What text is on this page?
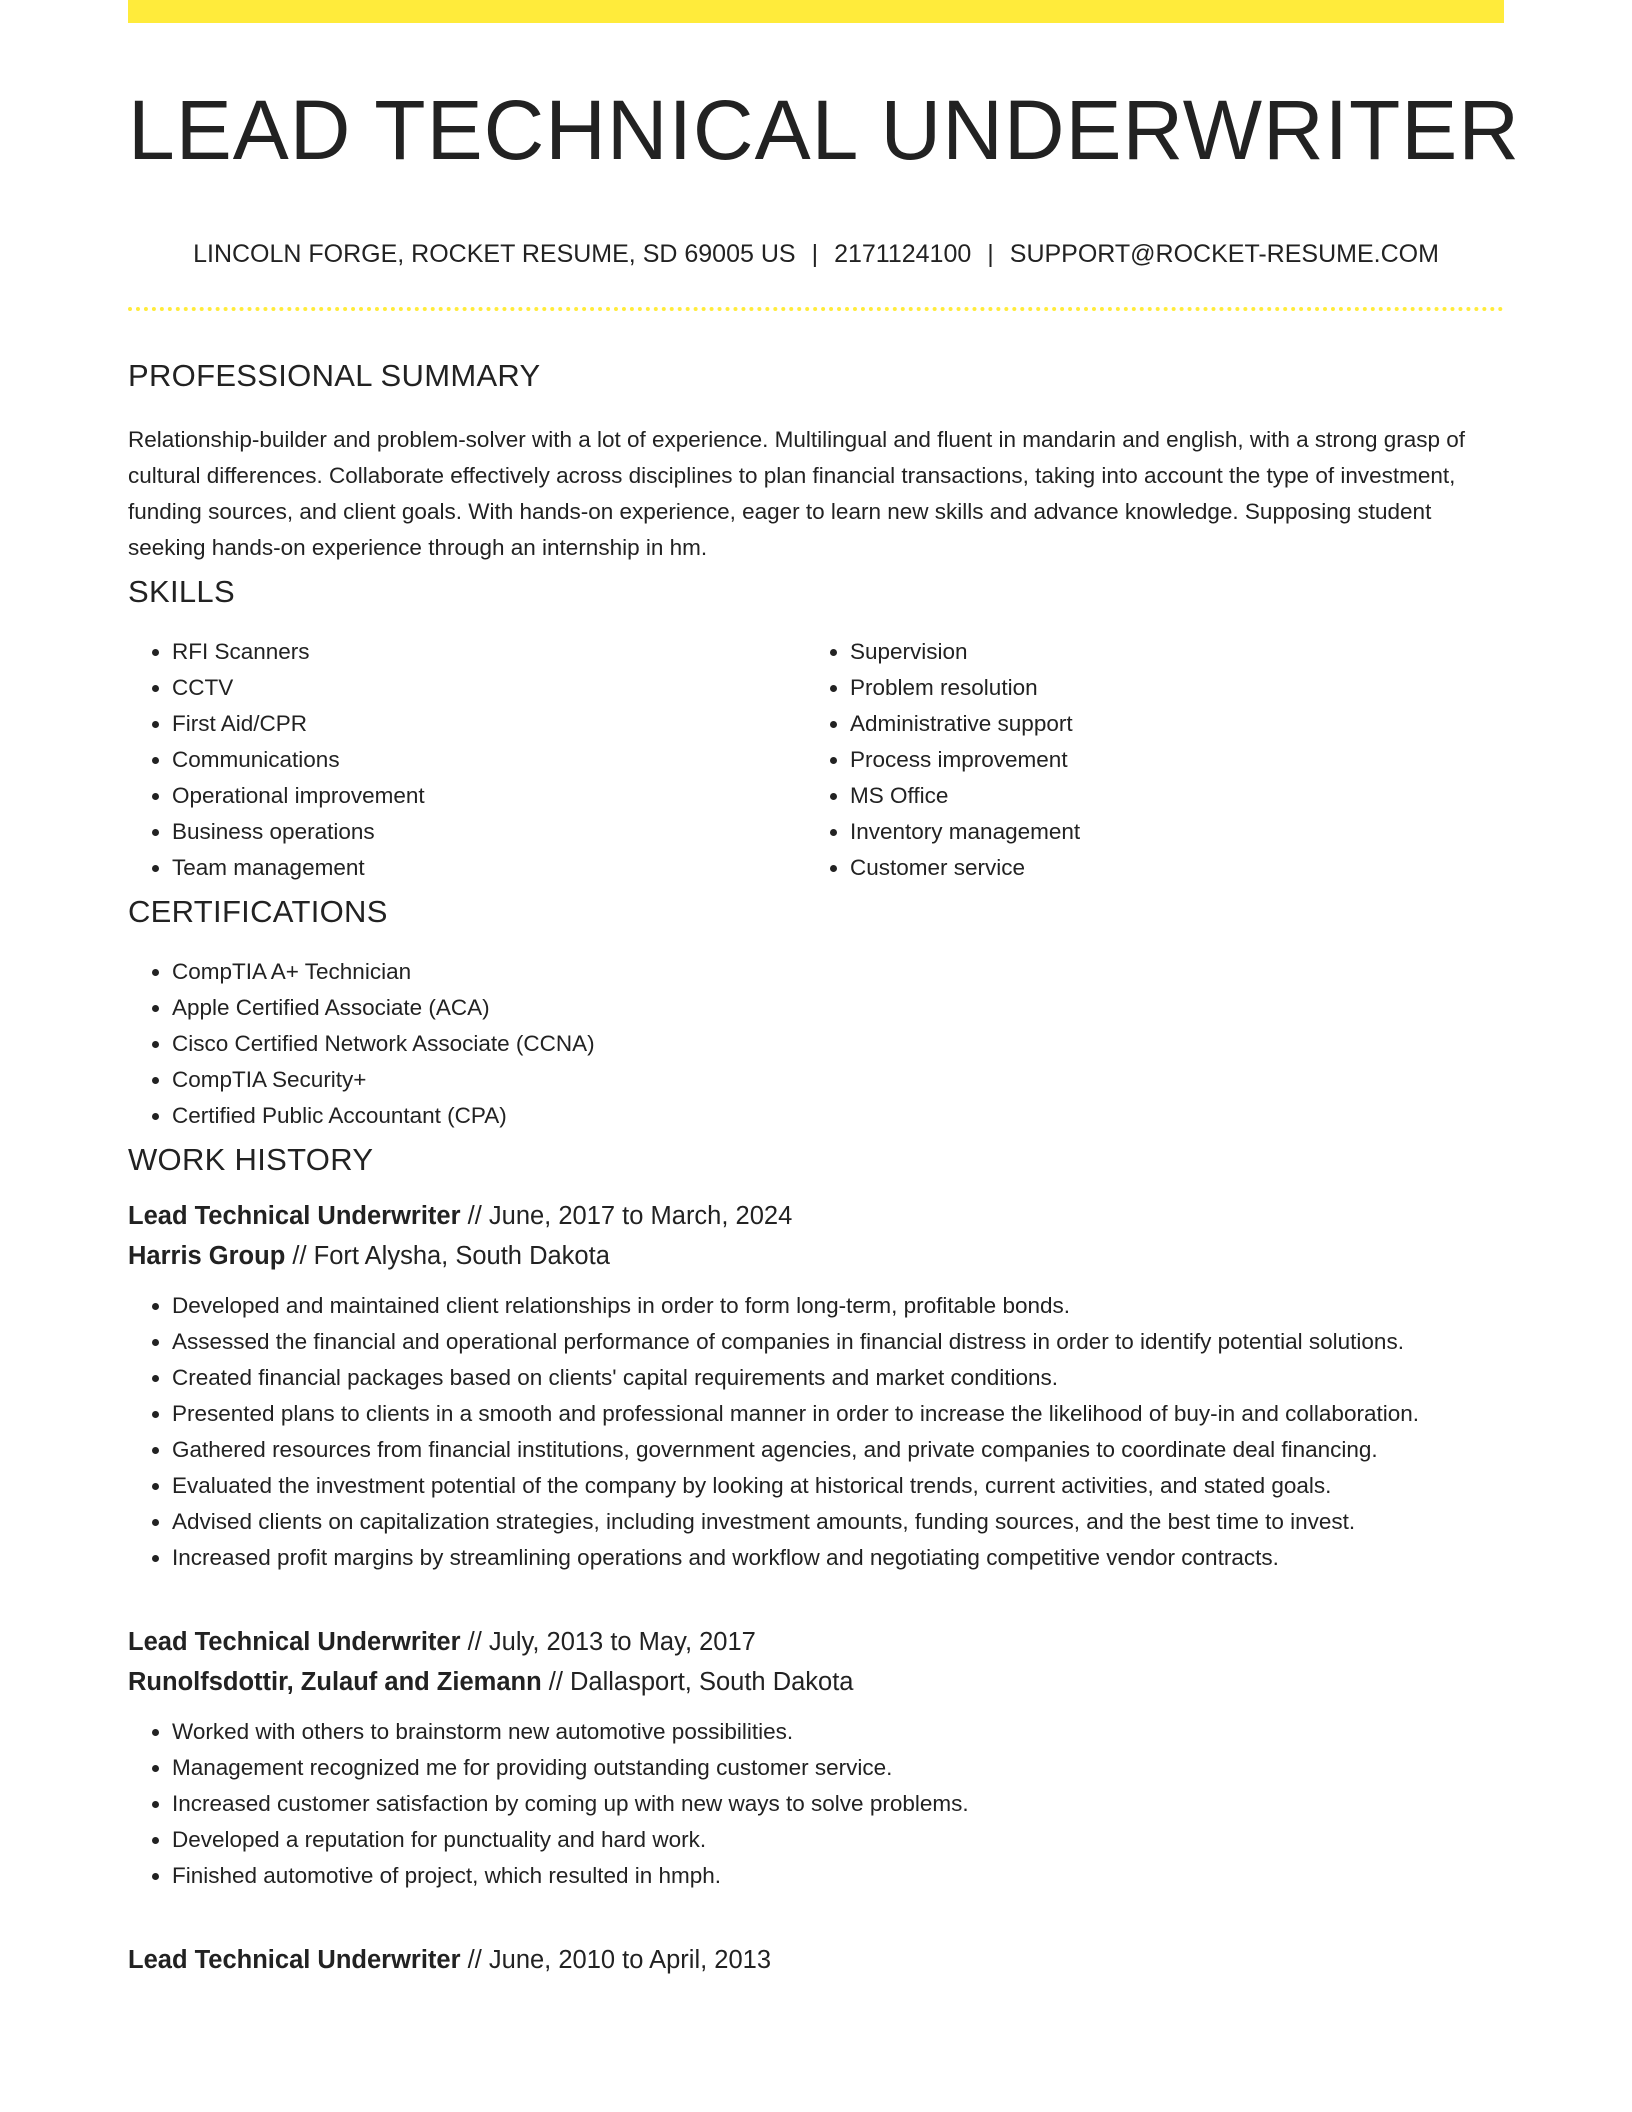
LEAD TECHNICAL UNDERWRITER
LINCOLN FORGE, ROCKET RESUME, SD 69005 US | 2171124100 | SUPPORT@ROCKET-RESUME.COM
PROFESSIONAL SUMMARY

Relationship-builder and problem-solver with a lot of experience. Multilingual and fluent in mandarin and english, with a strong grasp of cultural differences. Collaborate effectively across disciplines to plan financial transactions, taking into account the type of investment, funding sources, and client goals. With hands-on experience, eager to learn new skills and advance knowledge. Supposing student seeking hands-on experience through an internship in hm.

SKILLS
• RFI Scanners
• CCTV
• First Aid/CPR
• Communications
• Operational improvement
• Business operations
• Team management
• Supervision
• Problem resolution
• Administrative support
• Process improvement
• MS Office
• Inventory management
• Customer service
CERTIFICATIONS
• CompTIA A+ Technician
• Apple Certified Associate (ACA)
• Cisco Certified Network Associate (CCNA)
• CompTIA Security+
• Certified Public Accountant (CPA)
WORK HISTORY
Lead Technical Underwriter // June, 2017 to March, 2024
Harris Group // Fort Alysha, South Dakota
• Developed and maintained client relationships in order to form long-term, profitable bonds.
• Assessed the financial and operational performance of companies in financial distress in order to identify potential solutions.
• Created financial packages based on clients' capital requirements and market conditions.
• Presented plans to clients in a smooth and professional manner in order to increase the likelihood of buy-in and collaboration.
• Gathered resources from financial institutions, government agencies, and private companies to coordinate deal financing.
• Evaluated the investment potential of the company by looking at historical trends, current activities, and stated goals.
• Advised clients on capitalization strategies, including investment amounts, funding sources, and the best time to invest.
• Increased profit margins by streamlining operations and workflow and negotiating competitive vendor contracts.
Lead Technical Underwriter // July, 2013 to May, 2017
Runolfsdottir, Zulauf and Ziemann // Dallasport, South Dakota
• Worked with others to brainstorm new automotive possibilities.
• Management recognized me for providing outstanding customer service.
• Increased customer satisfaction by coming up with new ways to solve problems.
• Developed a reputation for punctuality and hard work.
• Finished automotive of project, which resulted in hmph.
Lead Technical Underwriter // June, 2010 to April, 2013
